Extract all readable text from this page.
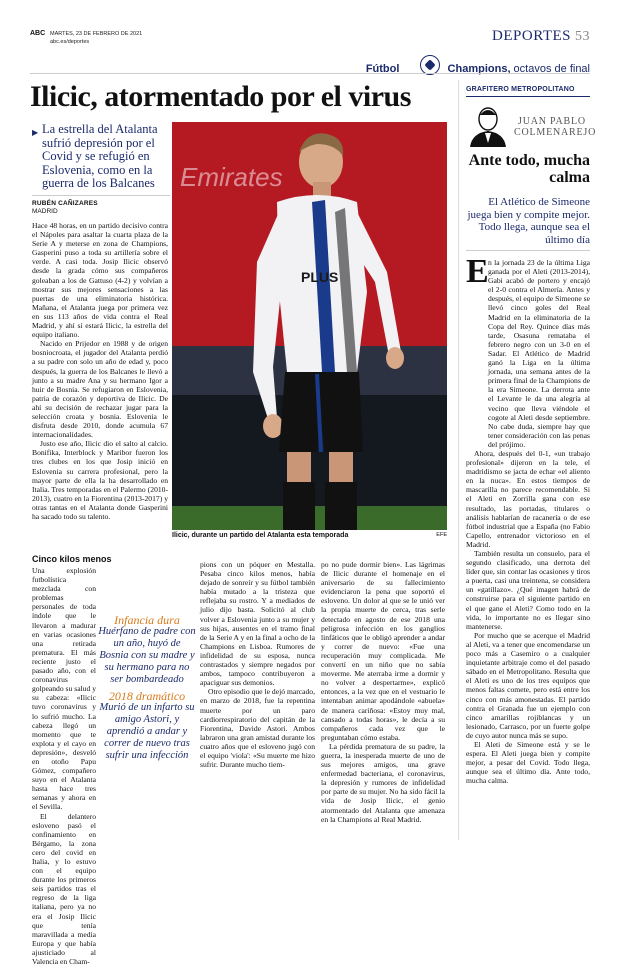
ABC MARTES, 23 DE FEBRERO DE 2021
abc.es/deportes	DEPORTES 53
Fútbol	Champions, octavos de final
Ilicic, atormentado por el virus
▶ La estrella del Atalanta sufrió depresión por el Covid y se refugió en Eslovenia, como en la guerra de los Balcanes

RUBÉN CAÑIZARES
MADRID

Hace 48 horas, en un partido decisivo contra el Nápoles para asaltar la cuarta plaza de la Serie A y meterse en zona de Champions, Gasperini puso a toda su artillería sobre el verde. A casi toda. Josip Ilicic observó desde la grada cómo sus compañeros goleaban a los de Gattuso (4-2) y volvían a mostrar sus mejores sensaciones a las puertas de una eliminatoria histórica. Mañana, el Atalanta juega por primera vez en sus 113 años de vida contra el Real Madrid, y ahí sí estará Ilicic, la estrella del equipo italiano.

Nacido en Prijedor en 1988 y de origen bosniocroata, el jugador del Atalanta perdió a su padre con solo un año de edad y, poco después, la guerra de los Balcanes le llevó a junto a su madre Ana y su hermano Igor a huir de Bosnia. Se refugiaron en Eslovenia, patria de corazón y deportiva de Ilicic. De ahí su decisión de rechazar jugar para la selección croata y bosnia. Eslovenia le disfruta desde 2010, donde acumula 67 internacionalidades.

Justo ese año, Ilicic dio el salto al calcio. Bonifika, Interblock y Maribor fueron los tres clubes en los que Josip inició en Eslovenia su carrera profesional, pero la mayor parte de ella la ha desarrollado en Italia. Tres temporadas en el Palermo (2010-2013), cuatro en la Fiorentina (2013-2017) y otras tantas en el Atalanta donde Gasperini ha sacado todo su talento.

Emirates
PLUS
Ilicic, durante un partido del Atalanta esta temporada	EFE
Cinco kilos menos

Una explosión futbolística mezclada con problemas personales de toda índole que le llevaron a madurar en varias ocasiones una retirada prematura. El más reciente justo el pasado año, con el coronavirus golpeando su salud y su cabeza: «Ilicic tuvo coronavirus y lo sufrió mucho. La cabeza llegó un momento que te explota y el cayo en depresión», desveló en otoño Papu Gómez, compañero suyo en el Atalanta hasta hace tres semanas y ahora en el Sevilla.

El delantero esloveno pasó el confinamiento en Bérgamo, la zona cero del covid en Italia, y lo estuvo con el equipo durante los primeros seis partidos tras el regreso de la liga italiana, pero ya no era el Josip Ilicic que tenía maravillada a media Europa y que había ajusticiado al Valencia en Cham-

Infancia dura
Huérfano de padre con un año, huyó de Bosnia con su madre y su hermano para no ser bombardeado
2018 dramático
Murió de un infarto su amigo Astori, y aprendió a andar y correr de nuevo tras sufrir una infección

pions con un póquer en Mestalla. Pesaba cinco kilos menos, había dejado de sonreír y su fútbol también había mutado a la tristeza que reflejaba su rostro. Y a mediados de julio dijo basta. Solicitó al club volver a Eslovenia junto a su mujer y sus hijas, ausentes en el tramo final de la Serie A y en la final a ocho de la Champions en Lisboa. Rumores de infidelidad de su esposa, nunca contrastados y siempre negados por ambos, tampoco contribuyeron a apaciguar sus demonios.

Otro episodio que le dejó marcado, en marzo de 2018, fue la repentina muerte por un paro cardiorrespiratorio del capitán de la Fiorentina, Davide Astori. Ambos labraron una gran amistad durante los cuatro años que el esloveno jugó con el equipo 'viola': «Su muerte me hizo sufrir. Durante mucho tiem-

po no pude dormir bien». Las lágrimas de Ilicic durante el homenaje en el aniversario de su fallecimiento evidenciaron la pena que soportó el esloveno. Un dolor al que se le unió ver la propia muerte de cerca, tras serle detectado en agosto de ese 2018 una peligrosa infección en los ganglios linfáticos que le obligó aprender a andar y correr de nuevo: «Fue una recuperación muy complicada. Me convertí en un niño que no sabía moverme. Me aterraba irme a dormir y no volver a despertarme», explicó entonces, a la vez que en el vestuario le intentaban animar apodándole «abuela» de manera cariñosa: «Estoy muy mal, cansado a todas horas», le decía a su compañeros cada vez que le preguntaban cómo estaba.

La pérdida prematura de su padre, la guerra, la inesperada muerte de uno de sus mejores amigos, una grave enfermedad bacteriana, el coronavirus, la depresión y rumores de infidelidad por parte de su mujer. No ha sido fácil la vida de Josip Ilicic, el genio atormentado del Atalanta que amenaza en la Champions al Real Madrid.

GRAFITERO METROPOLITANO
JUAN PABLO
COLMENAREJO
Ante todo, mucha calma
El Atlético de Simeone juega bien y compite mejor. Todo llega, aunque sea el último día
E n la jornada 23 de la última Liga ganada por el Aleti (2013-2014), Gabi acabó de portero y encajó el 2-0 contra el Almería. Antes y después, el equipo de Simeone se llevó cinco goles del Real Madrid en la eliminatoria de la Copa del Rey. Quince días más tarde, Osasuna remataba el febrero negro con un 3-0 en el Sadar. El Atlético de Madrid ganó la Liga en la última jornada, una semana antes de la primera final de la Champions de la era Simeone. La derrota ante el Levante le da una alegría al vecino que lleva viéndole el cogote al Aleti desde septiembre. No cabe duda, siempre hay que tener consideración con las penas del prójimo.

Ahora, después del 0-1, «un trabajo profesional» dijeron en la tele, el madridismo se jacta de echar «el aliento en la nuca». En estos tiempos de mascarilla no parece recomendable. Si el Aleti en Zorrilla gana con ese resultado, las portadas, titulares o análisis hablarían de racanería o de ese fútbol industrial que a España (no Fabio Capello, entrenador victorioso en el Madrid.

También resulta un consuelo, para el segundo clasificado, una derrota del líder que, sin contar las ocasiones y tiros a puerta, casi una treintena, se considera un «gatillazo». ¿Qué imagen habrá de construirse para el siguiente partido en el que gane el Aleti? Como todo en la vida, lo importante no es llegar sino mantenerse.

Por mucho que se acerque el Madrid al Aleti, va a tener que encomendarse un poco más a Casemiro o a cualquier inquietante arbitraje como el del pasado sábado en el Metropolitano. Resulta que el Aleti es uno de los tres equipos que menos faltas comete, pero está entre los cinco con más amonestadas. El partido contra el Granada fue un ejemplo con cinco amarillas rojiblancas y un lesionado, Carrasco, por un fuerte golpe de cuyo autor nunca más se supo.

El Aleti de Simeone está y se le espera. El Aleti juega bien y compite mejor, a pesar del Covid. Todo llega, aunque sea el último día. Ante todo, mucha calma.
